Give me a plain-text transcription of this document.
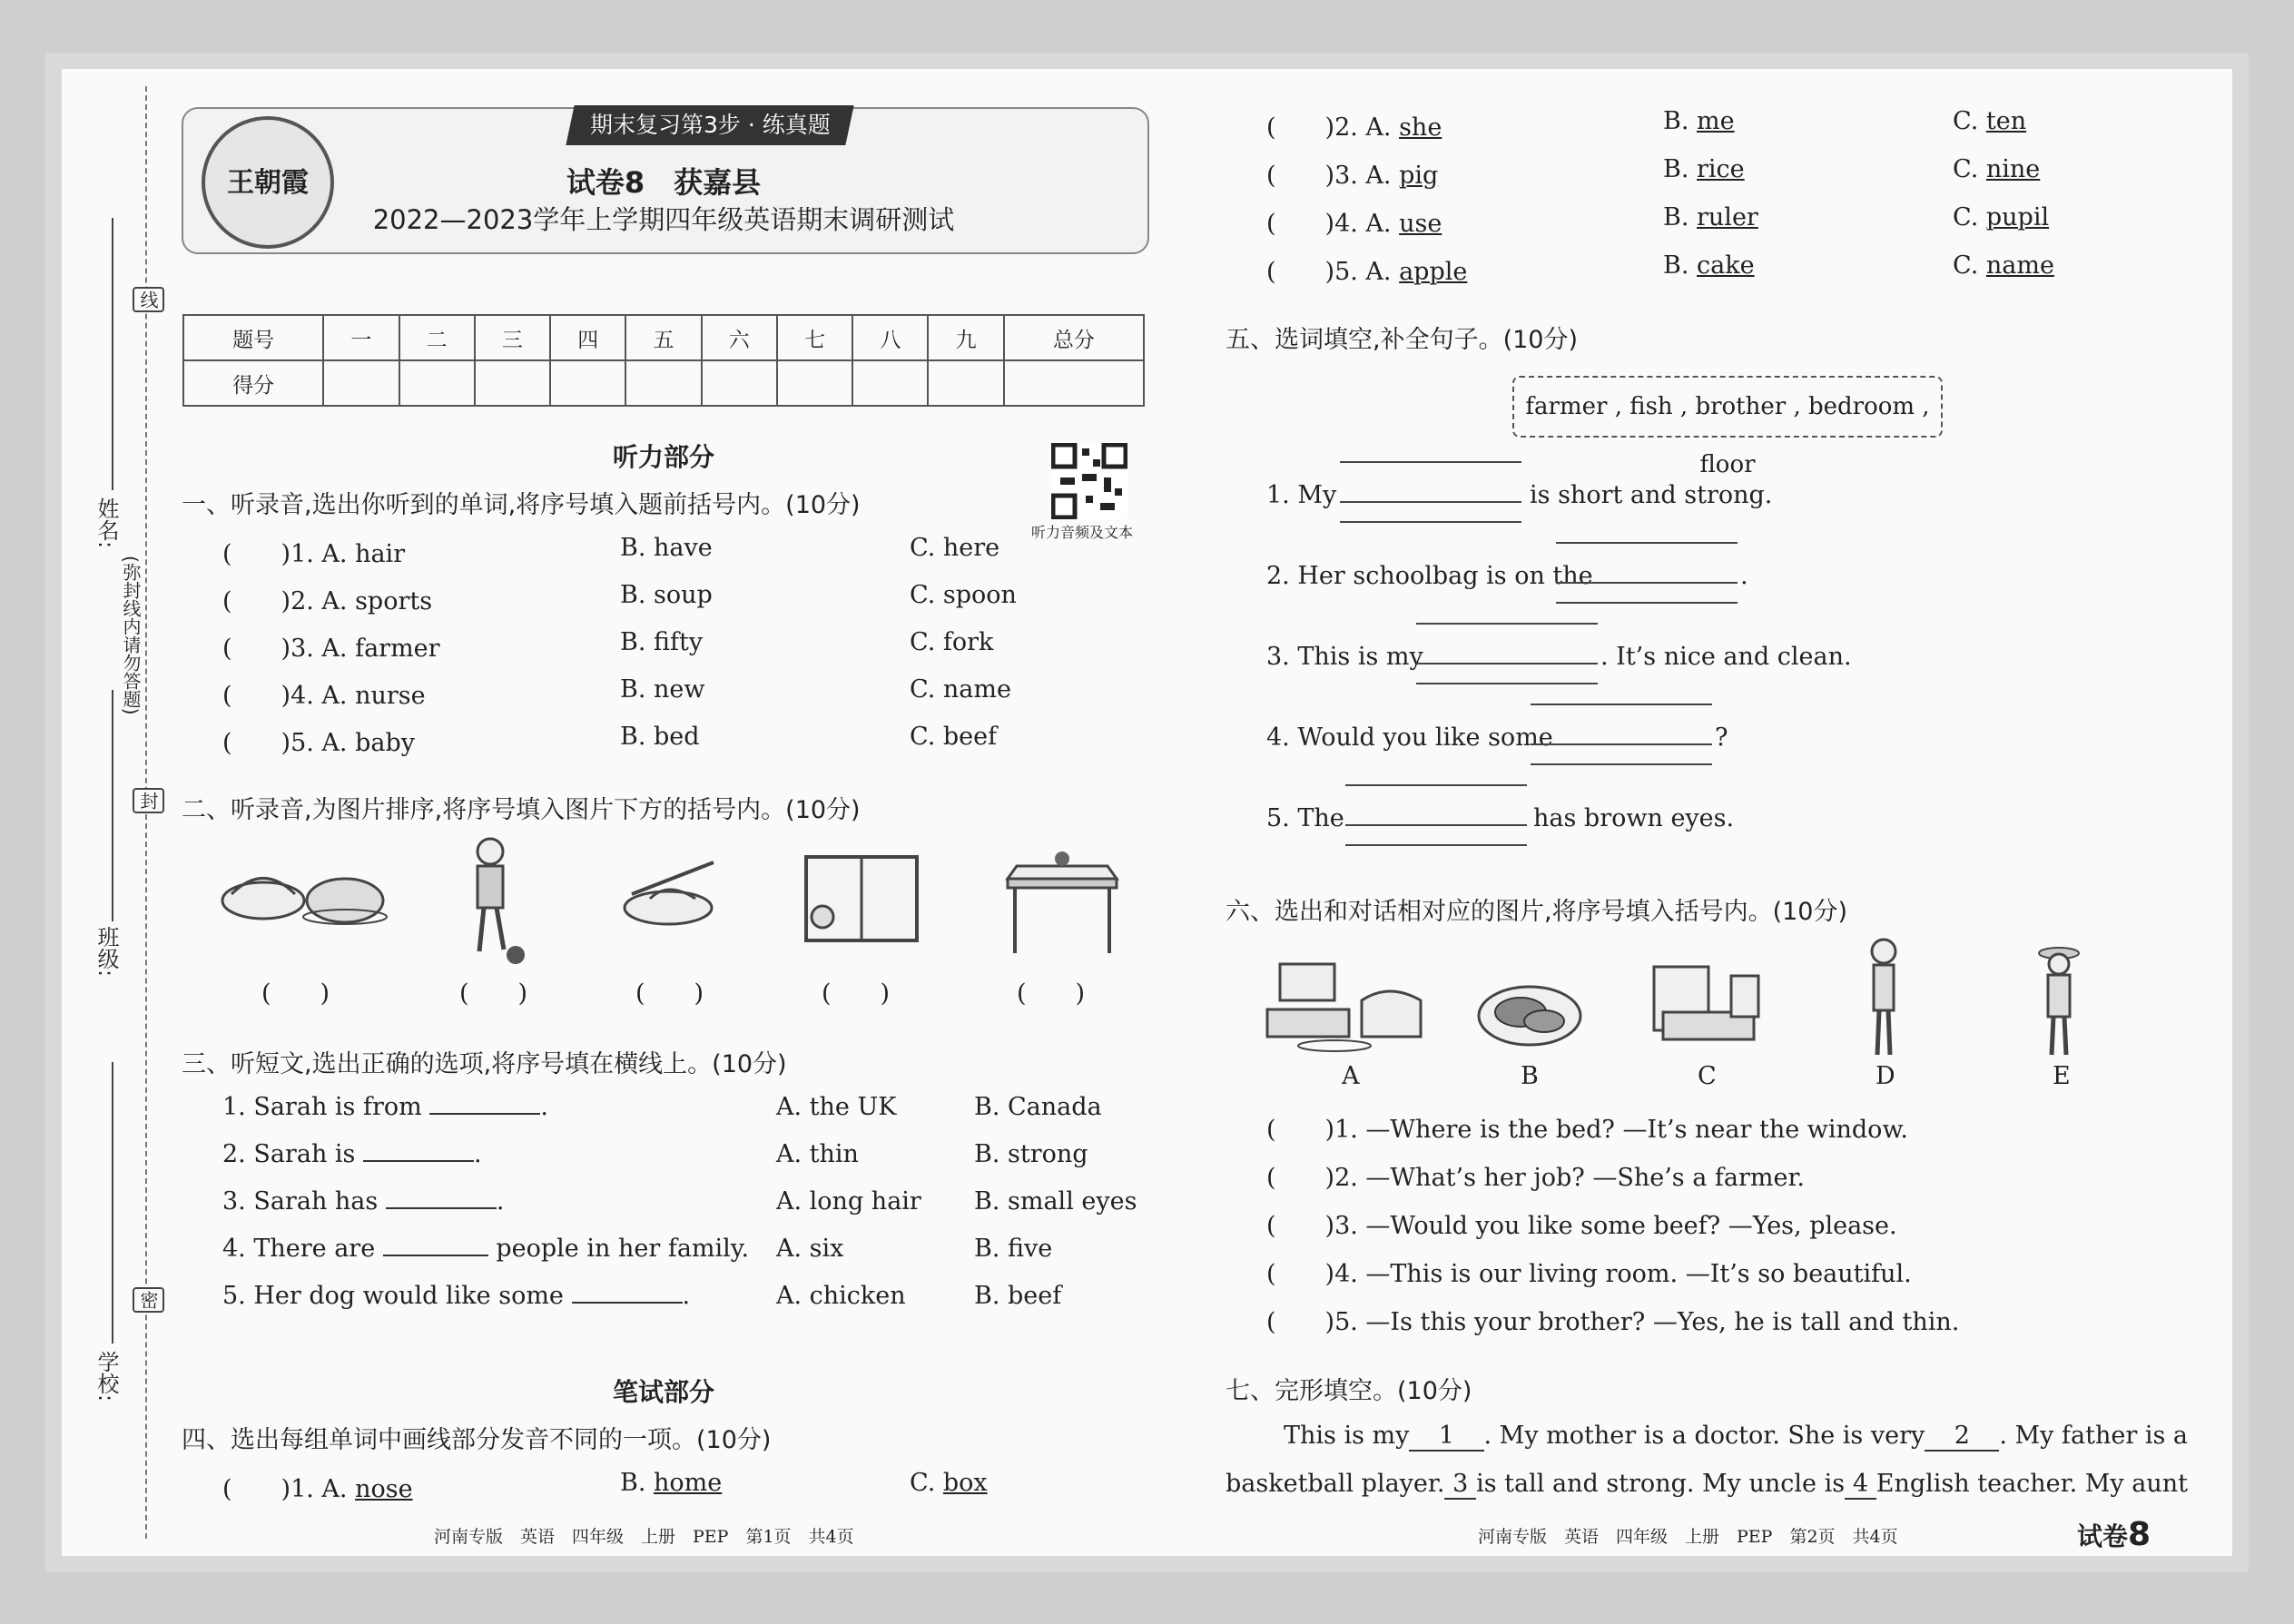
姓名:
班级:
学校:
线
封
密
(弥封线内请勿答题)
期末复习第3步 · 练真题
王朝霞	试卷8　获嘉县
2022—2023学年上学期四年级英语期末调研测试
题号	一	二	三	四	五	六	七	八	九	总分
得分										
听力部分
听力音频及文本
一、听录音,选出你听到的单词,将序号填入题前括号内。(10分)
(　　)1. A. hair	B. have	C. here
(　　)2. A. sports	B. soup	C. spoon
(　　)3. A. farmer	B. fifty	C. fork
(　　)4. A. nurse	B. new	C. name
(　　)5. A. baby	B. bed	C. beef
二、听录音,为图片排序,将序号填入图片下方的括号内。(10分)
(　　)	(　　)	(　　)	(　　)	(　　)
三、听短文,选出正确的选项,将序号填在横线上。(10分)
1. Sarah is from	.	A. the UK	B. Canada
2. Sarah is	.	A. thin	B. strong
3. Sarah has	.	A. long hair B. small eyes
4. There are	people in her family. A. six	B. five
5. Her dog would like some	.	A. chicken	B. beef
笔试部分
四、选出每组单词中画线部分发音不同的一项。(10分)
(　　)1. A. nose	B. home	C. box
(　　)2. A. she	B. me	C. ten
(　　)3. A. pig	B. rice	C. nine
(　　)4. A. use	B. ruler	C. pupil
(　　)5. A. apple	B. cake	C. name
五、选词填空,补全句子。(10分)
farmer , fish , brother , bedroom , floor
1. My	is short and strong.
2. Her schoolbag is on the	.
3. This is my	. It’s nice and clean.
4. Would you like some	?
5. The	has brown eyes.
六、选出和对话相对应的图片,将序号填入括号内。(10分)
A	B	C	D	E
(　　)1. —Where is the bed? —It’s near the window.
(　　)2. —What’s her job? —She’s a farmer.
(　　)3. —Would you like some beef? —Yes, please.
(　　)4. —This is our living room. —It’s so beautiful.
(　　)5. —Is this your brother? —Yes, he is tall and thin.
七、完形填空。(10分)
This is my	1	. My mother is a doctor. She is very	2	. My father is a
basketball player. 3 is tall and strong. My uncle is 4 English teacher. My aunt
河南专版　英语　四年级　上册　PEP　第1页　共4页	河南专版　英语　四年级　上册　PEP　第2页　共4页	试卷8
